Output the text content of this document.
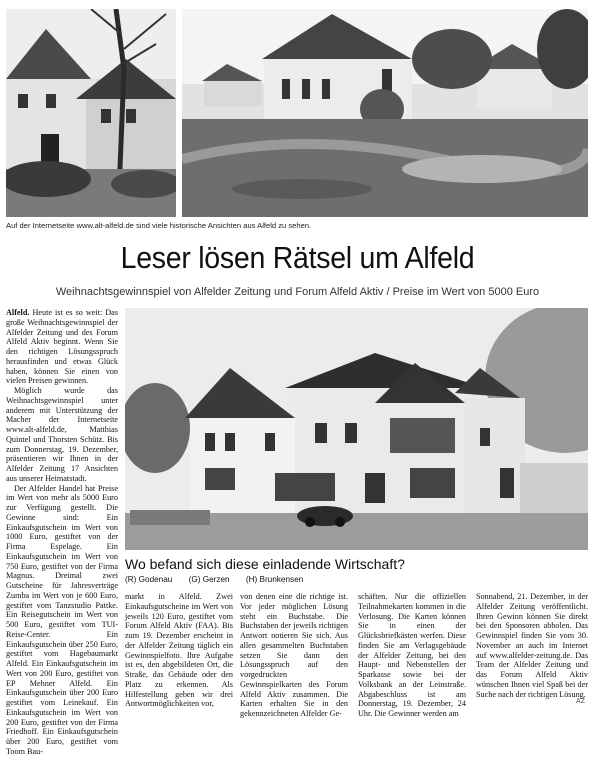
Auf der Internetseite www.alt-alfeld.de sind viele historische Ansichten aus Alfeld zu sehen.
Leser lösen Rätsel um Alfeld
Weihnachtsgewinnspiel von Alfelder Zeitung und Forum Alfeld Aktiv / Preise im Wert von 5000 Euro

Alfeld. Heute ist es so weit: Das große Weihnachtsgewinnspiel der Alfelder Zeitung und des Forum Alfeld Aktiv beginnt. Wenn Sie den richtigen Lösungsspruch herausfinden und etwas Glück haben, können Sie einen von vielen Preisen gewinnen.

Möglich wurde das Weihnachtsgewinnspiel unter anderem mit Unterstützung der Macher der Internetseite www.alt-alfeld.de, Matthias Quintel und Thorsten Schütz. Bis zum Donnerstag, 19. Dezember, präsentieren wir Ihnen in der Alfelder Zeitung 17 Ansichten aus unserer Heimatstadt.

Der Alfelder Handel hat Preise im Wert von mehr als 5000 Euro zur Verfügung gestellt. Die Gewinne sind: Ein Einkaufsgutschein im Wert von 1000 Euro, gestiftet von der Firma Espelage. Ein Einkaufsgutschein im Wert von 750 Euro, gestiftet von der Firma Magnus. Dreimal zwei Gutscheine für Jahresverträge Zumba im Wert von je 600 Euro, gestiftet vom Tanzstudio Pattke. Ein Reisegutschein im Wert von 500 Euro, gestiftet vom TUI-Reise-Center. Ein Einkaufsgutschein über 250 Euro, gestiftet vom Hagebaumarkt Alfeld. Ein Einkaufsgutschein im Wert von 200 Euro, gestiftet von EP Mehner Alfeld. Ein Einkaufsgutschein über 200 Euro gestiftet vom Leinekauf. Ein Einkaufsgutschein im Wert von 200 Euro, gestiftet von der Firma Friedhoff. Ein Einkaufsgutschein über 200 Euro, gestiftet vom Toom Bau-

Wo befand sich diese einladende Wirtschaft?
(R) Godenau (G) Gerzen (H) Brunkensen
markt in Alfeld. Zwei Einkaufsgutscheine im Wert von jeweils 120 Euro, gestiftet vom Forum Alfeld Aktiv (FAA). Bis zum 19. Dezember erscheint in der Alfelder Zeitung täglich ein Gewinnspielfoto. Ihre Aufgabe ist es, den abgebildeten Ort, die Straße, das Gebäude oder den Platz zu erkennen. Als Hilfestellung geben wir drei Antwortmöglichkeiten vor,
von denen eine die richtige ist. Vor jeder möglichen Lösung steht ein Buchstabe. Die Buchstaben der jeweils richtigen Antwort notieren Sie sich. Aus allen gesammelten Buchstaben setzen Sie dann den Lösungsspruch auf den vorgedruckten Gewinnspielkarten des Forum Alfeld Aktiv zusammen. Die Karten erhalten Sie in den gekennzeichneten Alfelder Ge-
schäften. Nur die offiziellen Teilnahmekarten kommen in die Verlosung. Die Karten können Sie in einen der Glücksbriefkästen werfen. Diese finden Sie am Verlagsgebäude der Alfelder Zeitung, bei den Haupt- und Nebenstellen der Sparkasse sowie bei der Volksbank an der Leinstraße. Abgabeschluss ist am Donnerstag, 19. Dezember, 24 Uhr. Die Gewinner werden am
Sonnabend, 21. Dezember, in der Alfelder Zeitung veröffentlicht. Ihren Gewinn können Sie direkt bei den Sponsoren abholen. Das Gewinnspiel finden Sie vom 30. November an auch im Internet auf www.alfelder-zeitung.de. Das Team der Alfelder Zeitung und das Forum Alfeld Aktiv wünschen Ihnen viel Spaß bei der Suche nach der richtigen Lösung.
AZ
